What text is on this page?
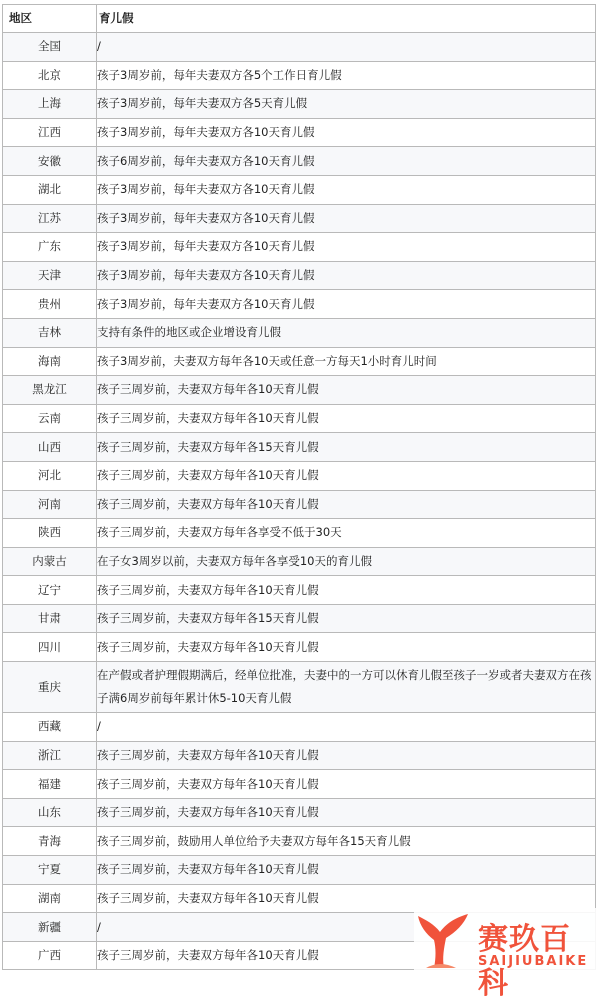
地区	育儿假
全国	/
北京	孩子3周岁前，每年夫妻双方各5个工作日育儿假
上海	孩子3周岁前，每年夫妻双方各5天育儿假
江西	孩子3周岁前，每年夫妻双方各10天育儿假
安徽	孩子6周岁前，每年夫妻双方各10天育儿假
湖北	孩子3周岁前，每年夫妻双方各10天育儿假
江苏	孩子3周岁前，每年夫妻双方各10天育儿假
广东	孩子3周岁前，每年夫妻双方各10天育儿假
天津	孩子3周岁前，每年夫妻双方各10天育儿假
贵州	孩子3周岁前，每年夫妻双方各10天育儿假
吉林	支持有条件的地区或企业增设育儿假
海南	孩子3周岁前，夫妻双方每年各10天或任意一方每天1小时育儿时间
黑龙江	孩子三周岁前，夫妻双方每年各10天育儿假
云南	孩子三周岁前，夫妻双方每年各10天育儿假
山西	孩子三周岁前，夫妻双方每年各15天育儿假
河北	孩子三周岁前，夫妻双方每年各10天育儿假
河南	孩子三周岁前，夫妻双方每年各10天育儿假
陕西	孩子三周岁前，夫妻双方每年各享受不低于30天
内蒙古	在子女3周岁以前，夫妻双方每年各享受10天的育儿假
辽宁	孩子三周岁前，夫妻双方每年各10天育儿假
甘肃	孩子三周岁前，夫妻双方每年各15天育儿假
四川	孩子三周岁前，夫妻双方每年各10天育儿假
重庆	在产假或者护理假期满后，经单位批准，夫妻中的一方可以休育儿假至孩子一岁或者夫妻双方在孩子满6周岁前每年累计休5-10天育儿假
西藏	/
浙江	孩子三周岁前，夫妻双方每年各10天育儿假
福建	孩子三周岁前，夫妻双方每年各10天育儿假
山东	孩子三周岁前，夫妻双方每年各10天育儿假
青海	孩子三周岁前，鼓励用人单位给予夫妻双方每年各15天育儿假
宁夏	孩子三周岁前，夫妻双方每年各10天育儿假
湖南	孩子三周岁前，夫妻双方每年各10天育儿假
新疆	/
广西	孩子三周岁前，夫妻双方每年各10天育儿假	赛玖百科
SAIJIUBAIKE
